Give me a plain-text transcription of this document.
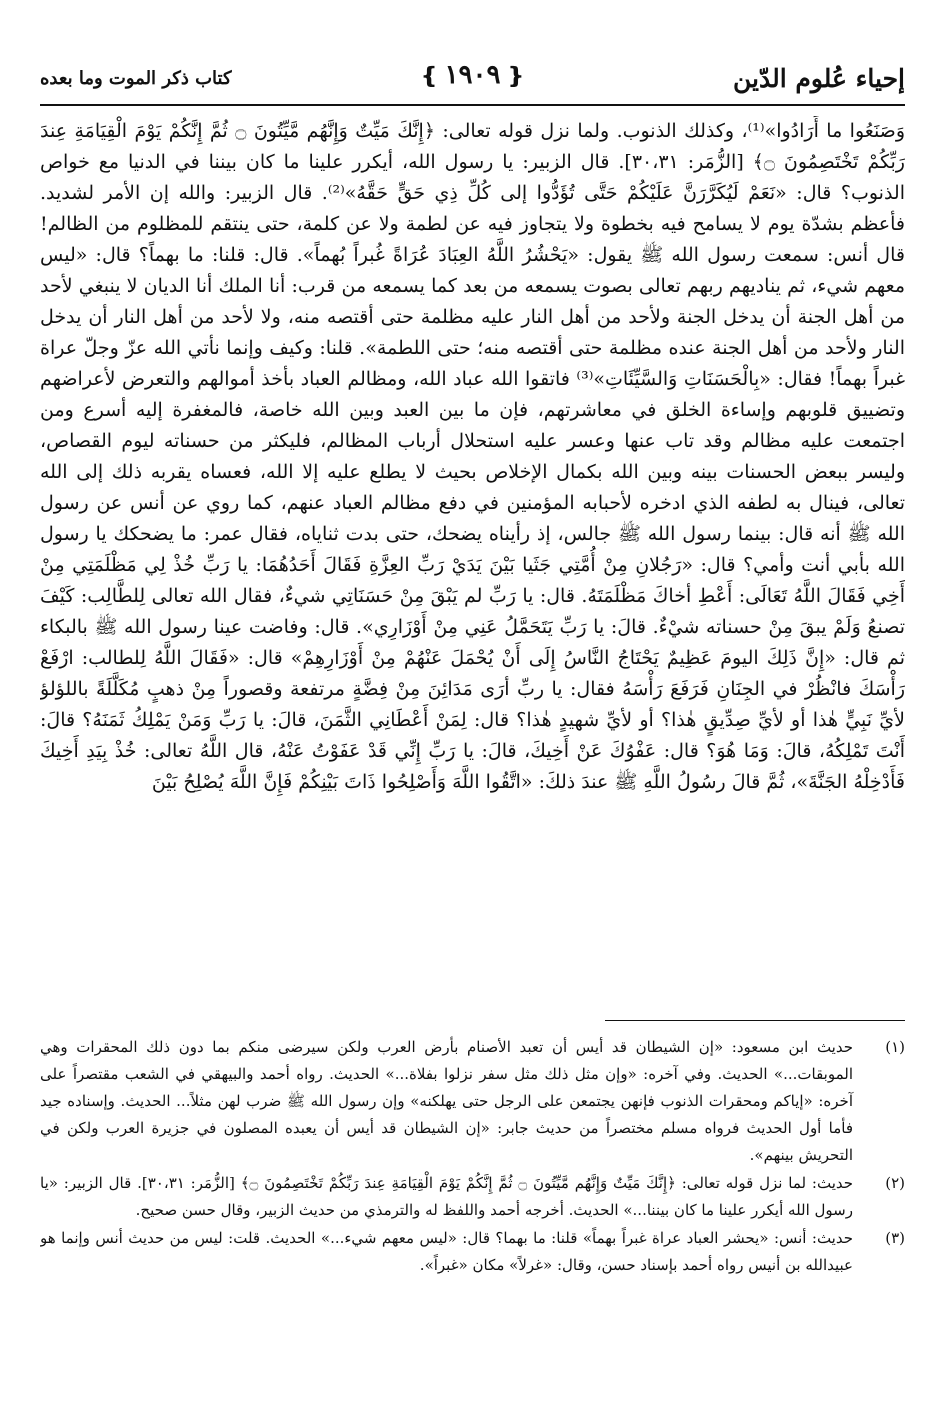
إحياء عُلوم الدّين
❴ ١٩٠٩ ❵
كتاب ذكر الموت وما بعده

وَصَنَعُوا ما أَرَادُوا»⁽¹⁾، وكذلك الذنوب. ولما نزل قوله تعالى: ﴿إِنَّكَ مَيِّتٌ وَإِنَّهُم مَّيِّتُونَ ۝ ثُمَّ إِنَّكُمْ يَوْمَ الْقِيَامَةِ عِندَ رَبِّكُمْ تَخْتَصِمُونَ ۝﴾ [الزُّمَر: ٣٠،٣١]. قال الزبير: يا رسول الله، أيكرر علينا ما كان بيننا في الدنيا مع خواص الذنوب؟ قال: «نَعَمْ لَيُكَرَّرَنَّ عَلَيْكُمْ حَتَّى تُؤَدُّوا إلى كُلِّ ذِي حَقٍّ حَقَّهُ»⁽²⁾. قال الزبير: والله إن الأمر لشديد. فأعظم بشدّة يوم لا يسامح فيه بخطوة ولا يتجاوز فيه عن لطمة ولا عن كلمة، حتى ينتقم للمظلوم من الظالم! قال أنس: سمعت رسول الله ﷺ يقول: «يَحْشُرُ اللَّهُ العِبَادَ عُرَاةً غُبراً بُهماً». قال: قلنا: ما بهماً؟ قال: «ليس معهم شيء، ثم يناديهم ربهم تعالى بصوت يسمعه من بعد كما يسمعه من قرب: أنا الملك أنا الديان لا ينبغي لأحد من أهل الجنة أن يدخل الجنة ولأحد من أهل النار عليه مظلمة حتى أقتصه منه، ولا لأحد من أهل النار أن يدخل النار ولأحد من أهل الجنة عنده مظلمة حتى أقتصه منه؛ حتى اللطمة». قلنا: وكيف وإنما نأتي الله عزّ وجلّ عراة غبراً بهماً! فقال: «بِالْحَسَنَاتِ وَالسَّيِّئَاتِ»⁽³⁾ فاتقوا الله عباد الله، ومظالم العباد بأخذ أموالهم والتعرض لأعراضهم وتضييق قلوبهم وإساءة الخلق في معاشرتهم، فإن ما بين العبد وبين الله خاصة، فالمغفرة إليه أسرع ومن اجتمعت عليه مظالم وقد تاب عنها وعسر عليه استحلال أرباب المظالم، فليكثر من حسناته ليوم القصاص، وليسر ببعض الحسنات بينه وبين الله بكمال الإخلاص بحيث لا يطلع عليه إلا الله، فعساه يقربه ذلك إلى الله تعالى، فينال به لطفه الذي ادخره لأحبابه المؤمنين في دفع مظالم العباد عنهم، كما روي عن أنس عن رسول الله ﷺ أنه قال: بينما رسول الله ﷺ جالس، إذ رأيناه يضحك، حتى بدت ثناياه، فقال عمر: ما يضحكك يا رسول الله بأبي أنت وأمي؟ قال: «رَجُلانِ مِنْ أُمَّتِي جَثَيا بَيْنَ يَدَيْ رَبِّ العِزَّةِ فَقَالَ أَحَدُهُمَا: يا رَبِّ خُذْ لِي مَظْلَمَتِي مِنْ أَخِي فَقَالَ اللَّهُ تَعَالَى: أَعْطِ أخاكَ مَظْلَمَتَهُ. قال: يا رَبِّ لم يَبْقَ مِنْ حَسَنَاتِي شيءٌ، فقال الله تعالى لِلطَّالِب: كَيْفَ تصنعُ وَلَمْ يبقَ مِنْ حسناته شيْءٌ. قالَ: يا رَبِّ يَتَحَمَّلُ عَنِي مِنْ أَوْزَارِي». قال: وفاضت عينا رسول الله ﷺ بالبكاء ثم قال: «إِنَّ ذَلِكَ اليومَ عَظِيمٌ يَحْتَاجُ النَّاسُ إِلَى أَنْ يُحْمَلَ عَنْهُمْ مِنْ أَوْزَارِهِمْ» قال: «فَقَالَ اللَّهُ لِلطالب: ارْفَعْ رَأْسَكَ فانْظُرْ في الجِنَانِ فَرَفَعَ رَأْسَهُ فقال: يا ربِّ أرَى مَدَائِنَ مِنْ فِضَّةٍ مرتفعة وقصوراً مِنْ ذهبٍ مُكَلَّلَةً باللؤلؤ لأيِّ نَبِيٍّ هٰذا أو لأيِّ صِدِّيقٍ هٰذا؟ أو لأيِّ شهيدٍ هٰذا؟ قال: لِمَنْ أَعْطَانِي الثَّمَنَ، قالَ: يا رَبِّ وَمَنْ يَمْلِكُ ثَمَنَهُ؟ قالَ: أَنْتَ تَمْلِكُهُ، قالَ: وَمَا هُوَ؟ قال: عَفْوُكَ عَنْ أَخِيكَ، قالَ: يا رَبِّ إِنِّي قَدْ عَفَوْتُ عَنْهُ، قال اللَّهُ تعالى: خُذْ بِيَدِ أَخِيكَ فَأَدْخِلْهُ الجَنَّةَ»، ثُمَّ قالَ رسُولُ اللَّهِ ﷺ عندَ ذلكَ: «اتَّقُوا اللَّهَ وَأَصْلِحُوا ذَاتَ بَيْنِكُمْ فَإِنَّ اللَّهَ يُصْلِحُ بَيْنَ

(١)
حديث ابن مسعود: «إن الشيطان قد أيس أن تعبد الأصنام بأرض العرب ولكن سيرضى منكم بما دون ذلك المحقرات وهي الموبقات...» الحديث. وفي آخره: «وإن مثل ذلك مثل سفر نزلوا بفلاة...» الحديث. رواه أحمد والبيهقي في الشعب مقتصراً على آخره: «إياكم ومحقرات الذنوب فإنهن يجتمعن على الرجل حتى يهلكنه» وإن رسول الله ﷺ ضرب لهن مثلاً... الحديث. وإسناده جيد فأما أول الحديث فرواه مسلم مختصراً من حديث جابر: «إن الشيطان قد أيس أن يعبده المصلون في جزيرة العرب ولكن في التحريش بينهم».
(٢)
حديث: لما نزل قوله تعالى: ﴿إِنَّكَ مَيِّتٌ وَإِنَّهُم مَّيِّتُونَ ۝ ثُمَّ إِنَّكُمْ يَوْمَ الْقِيَامَةِ عِندَ رَبِّكُمْ تَخْتَصِمُونَ ۝﴾ [الزُّمَر: ٣٠،٣١]. قال الزبير: «يا رسول الله أيكرر علينا ما كان بيننا...» الحديث. أخرجه أحمد واللفظ له والترمذي من حديث الزبير، وقال حسن صحيح.
(٣)
حديث: أنس: «يحشر العباد عراة غبراً بهماً» قلنا: ما بهما؟ قال: «ليس معهم شيء...» الحديث. قلت: ليس من حديث أنس وإنما هو عبيدالله بن أنيس رواه أحمد بإسناد حسن، وقال: «غرلاً» مكان «غبراً».
